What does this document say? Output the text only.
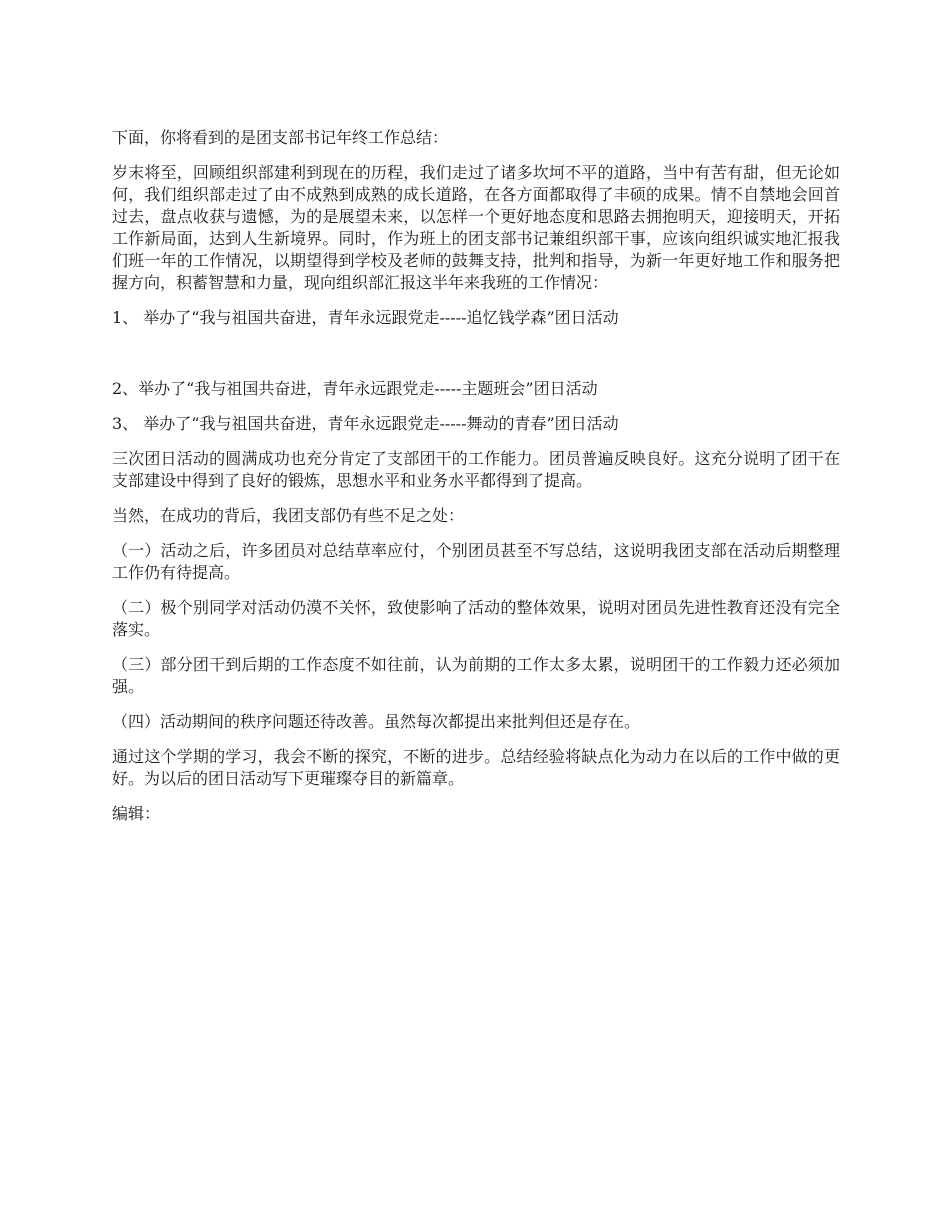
下面，你将看到的是团支部书记年终工作总结：

岁末将至，回顾组织部建利到现在的历程，我们走过了诸多坎坷不平的道路，当中有苦有甜，但无论如何，我们组织部走过了由不成熟到成熟的成长道路，在各方面都取得了丰硕的成果。情不自禁地会回首过去，盘点收获与遗憾，为的是展望未来，以怎样一个更好地态度和思路去拥抱明天，迎接明天，开拓工作新局面，达到人生新境界。同时，作为班上的团支部书记兼组织部干事，应该向组织诚实地汇报我们班一年的工作情况，以期望得到学校及老师的鼓舞支持，批判和指导，为新一年更好地工作和服务把握方向，积蓄智慧和力量，现向组织部汇报这半年来我班的工作情况：

1、 举办了“我与祖国共奋进，青年永远跟党走-----追忆钱学森”团日活动

2、举办了“我与祖国共奋进，青年永远跟党走-----主题班会”团日活动

3、 举办了“我与祖国共奋进，青年永远跟党走-----舞动的青春”团日活动

三次团日活动的圆满成功也充分肯定了支部团干的工作能力。团员普遍反映良好。这充分说明了团干在支部建设中得到了良好的锻炼，思想水平和业务水平都得到了提高。

当然，在成功的背后，我团支部仍有些不足之处：

（一）活动之后，许多团员对总结草率应付，个别团员甚至不写总结，这说明我团支部在活动后期整理工作仍有待提高。

（二）极个别同学对活动仍漠不关怀，致使影响了活动的整体效果，说明对团员先进性教育还没有完全落实。

（三）部分团干到后期的工作态度不如往前，认为前期的工作太多太累，说明团干的工作毅力还必须加强。

（四）活动期间的秩序问题还待改善。虽然每次都提出来批判但还是存在。

通过这个学期的学习，我会不断的探究，不断的进步。总结经验将缺点化为动力在以后的工作中做的更好。为以后的团日活动写下更璀璨夺目的新篇章。

编辑：
